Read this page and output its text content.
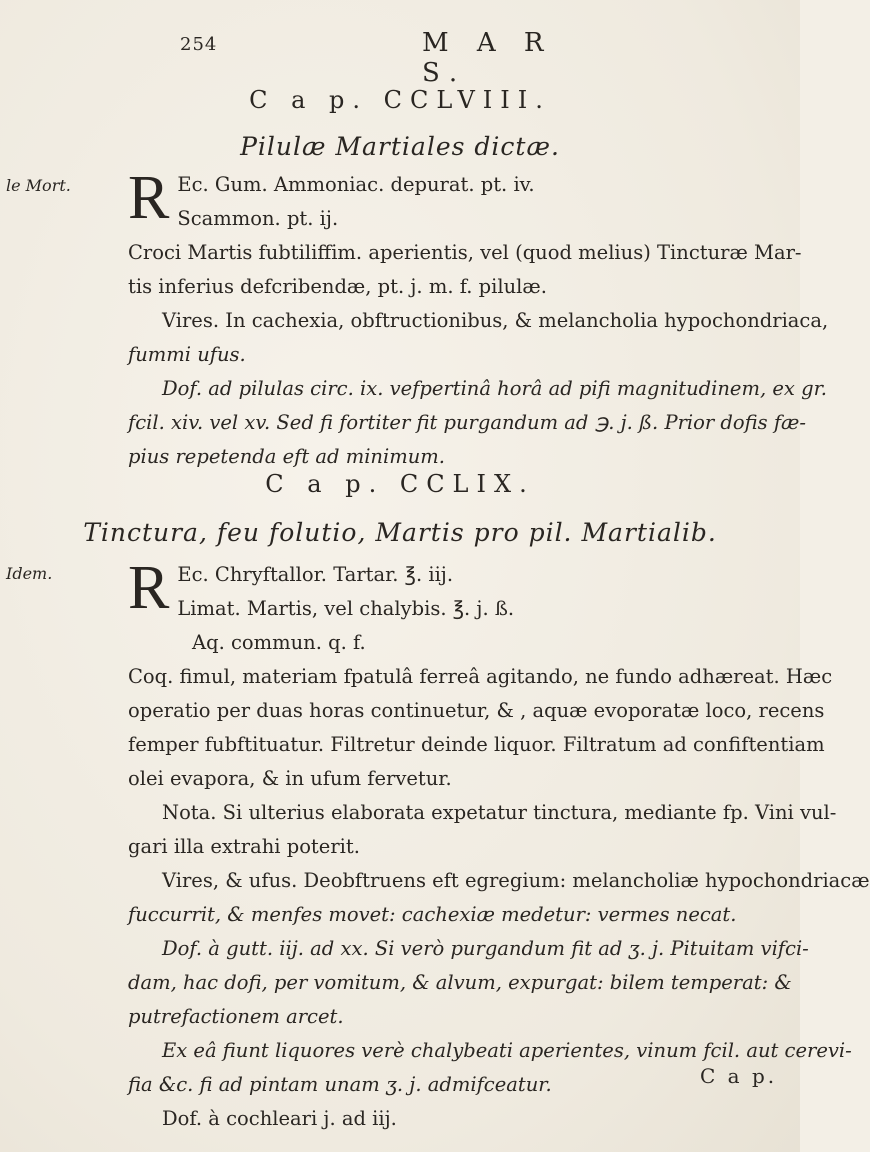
254	M A R S.
C a p. CCLVIII.
Pilulæ Martiales dictæ.
le Mort. R Ec. Gum. Ammoniac. depurat. pt. iv.
Scammon. pt. ij.
Croci Martis fubtiliffim. aperientis, vel (quod melius) Tincturæ Mar-
tis inferius defcribendæ, pt. j. m. f. pilulæ.
Vires. In cachexia, obftructionibus, & melancholia hypochondriaca,
fummi ufus.
Dof. ad pilulas circ. ix. vefpertinâ horâ ad pifi magnitudinem, ex gr.
fcil. xiv. vel xv. Sed fi fortiter fit purgandum ad ℈. j. ß. Prior dofis fæ-
pius repetenda eft ad minimum.
C a p. CCLIX.
Tinctura, feu folutio, Martis pro pil. Martialib.
Idem. R Ec. Chryftallor. Tartar. ℥. iij.
Limat. Martis, vel chalybis. ℥. j. ß.
Aq. commun. q. f.
Coq. fimul, materiam fpatulâ ferreâ agitando, ne fundo adhæreat. Hæc
operatio per duas horas continuetur, & , aquæ evoporatæ loco, recens
femper fubftituatur. Filtretur deinde liquor. Filtratum ad confiftentiam
olei evapora, & in ufum fervetur.
Nota. Si ulterius elaborata expetatur tinctura, mediante fp. Vini vul-
gari illa extrahi poterit.
Vires, & ufus. Deobftruens eft egregium: melancholiæ hypochondriacæ
fuccurrit, & menfes movet: cachexiæ medetur: vermes necat.
Dof. à gutt. iij. ad xx. Si verò purgandum fit ad ʒ. j. Pituitam vifci-
dam, hac dofi, per vomitum, & alvum, expurgat: bilem temperat: &
putrefactionem arcet.
Ex eâ fiunt liquores verè chalybeati aperientes, vinum fcil. aut cerevi-
fia &c. fi ad pintam unam ʒ. j. admifceatur.
Dof. à cochleari j. ad iij.
C a p.
